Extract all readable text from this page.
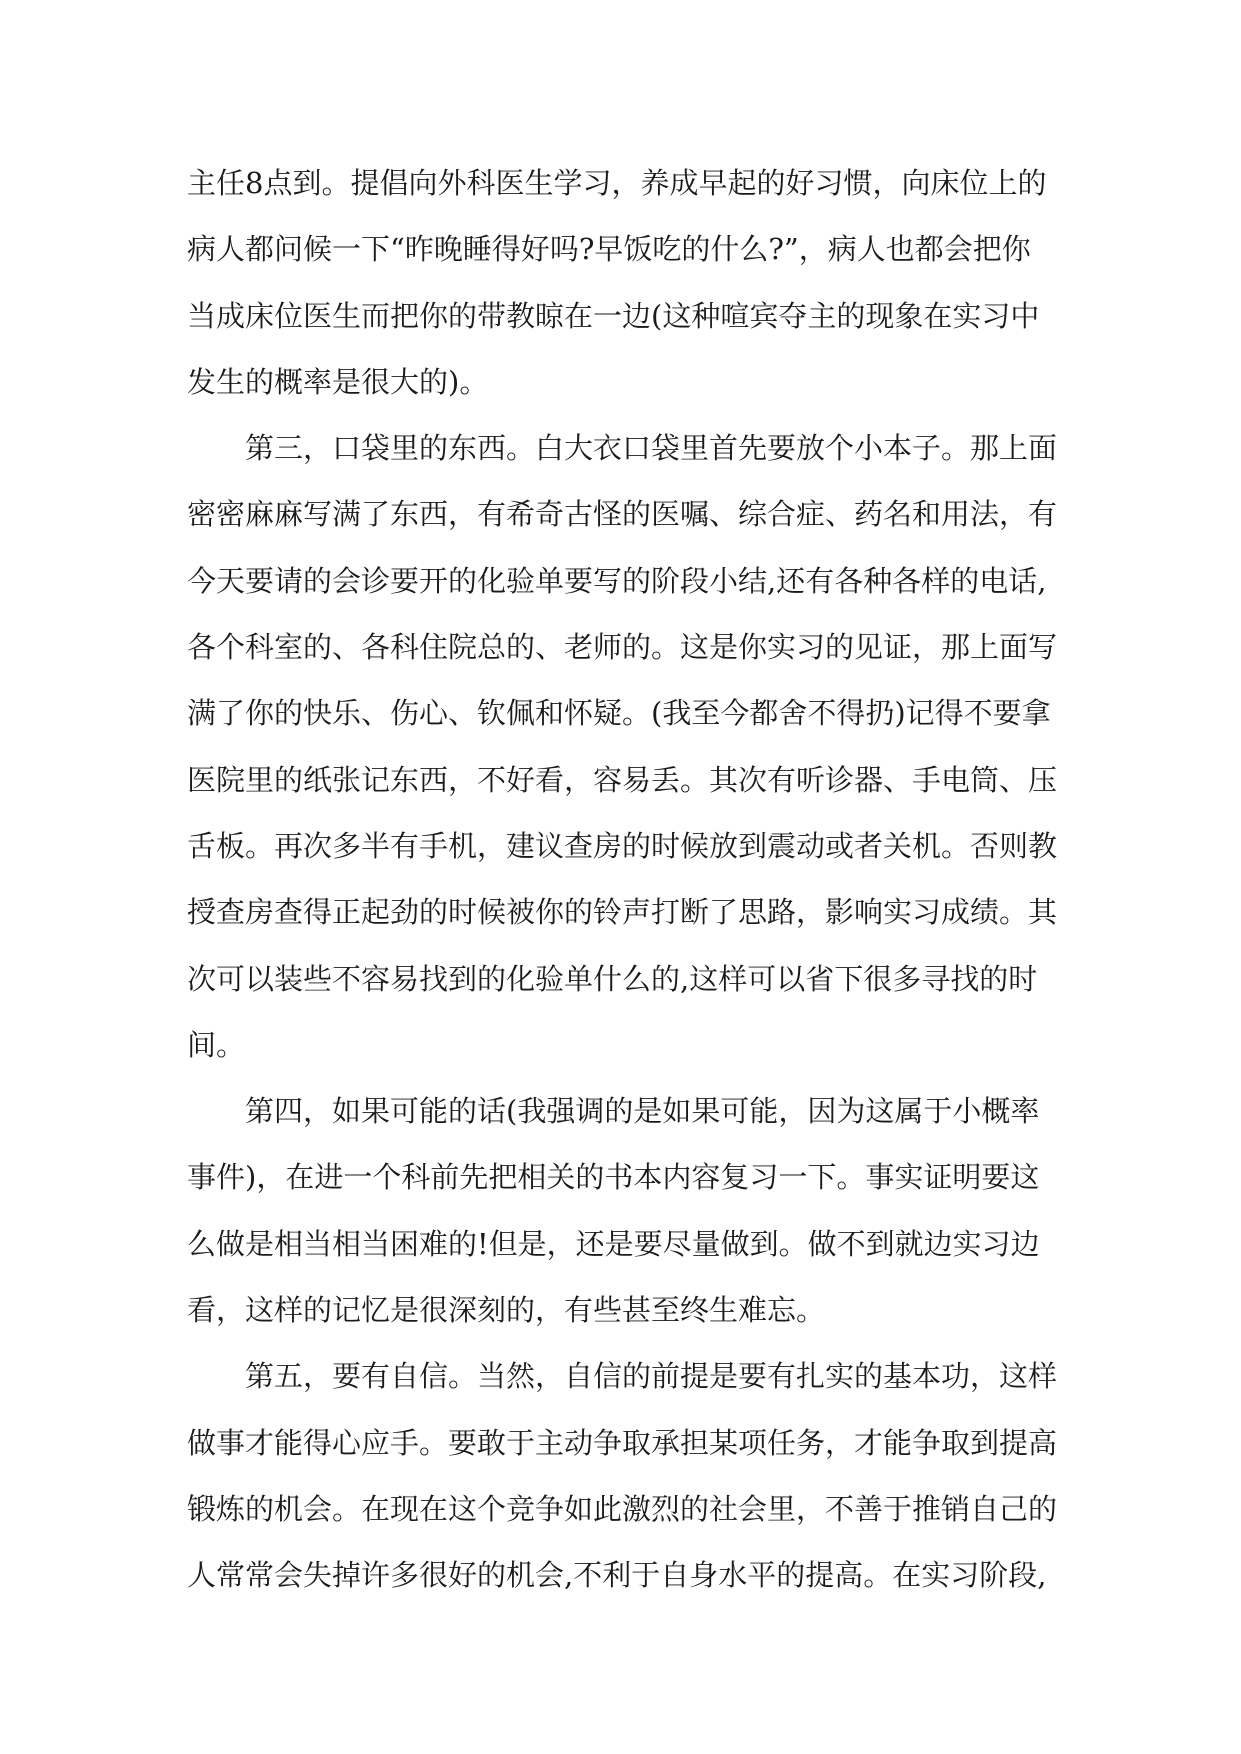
主任8点到。提倡向外科医生学习，养成早起的好习惯，向床位上的
病人都问候一下“昨晚睡得好吗?早饭吃的什么?”，病人也都会把你
当成床位医生而把你的带教晾在一边(这种喧宾夺主的现象在实习中
发生的概率是很大的)。
第三，口袋里的东西。白大衣口袋里首先要放个小本子。那上面
密密麻麻写满了东西，有希奇古怪的医嘱、综合症、药名和用法，有
今天要请的会诊要开的化验单要写的阶段小结,还有各种各样的电话,
各个科室的、各科住院总的、老师的。这是你实习的见证，那上面写
满了你的快乐、伤心、钦佩和怀疑。(我至今都舍不得扔)记得不要拿
医院里的纸张记东西，不好看，容易丢。其次有听诊器、手电筒、压
舌板。再次多半有手机，建议查房的时候放到震动或者关机。否则教
授查房查得正起劲的时候被你的铃声打断了思路，影响实习成绩。其
次可以装些不容易找到的化验单什么的,这样可以省下很多寻找的时
间。
第四，如果可能的话(我强调的是如果可能，因为这属于小概率
事件)，在进一个科前先把相关的书本内容复习一下。事实证明要这
么做是相当相当困难的!但是，还是要尽量做到。做不到就边实习边
看，这样的记忆是很深刻的，有些甚至终生难忘。
第五，要有自信。当然，自信的前提是要有扎实的基本功，这样
做事才能得心应手。要敢于主动争取承担某项任务，才能争取到提高
锻炼的机会。在现在这个竞争如此激烈的社会里，不善于推销自己的
人常常会失掉许多很好的机会,不利于自身水平的提高。在实习阶段,
